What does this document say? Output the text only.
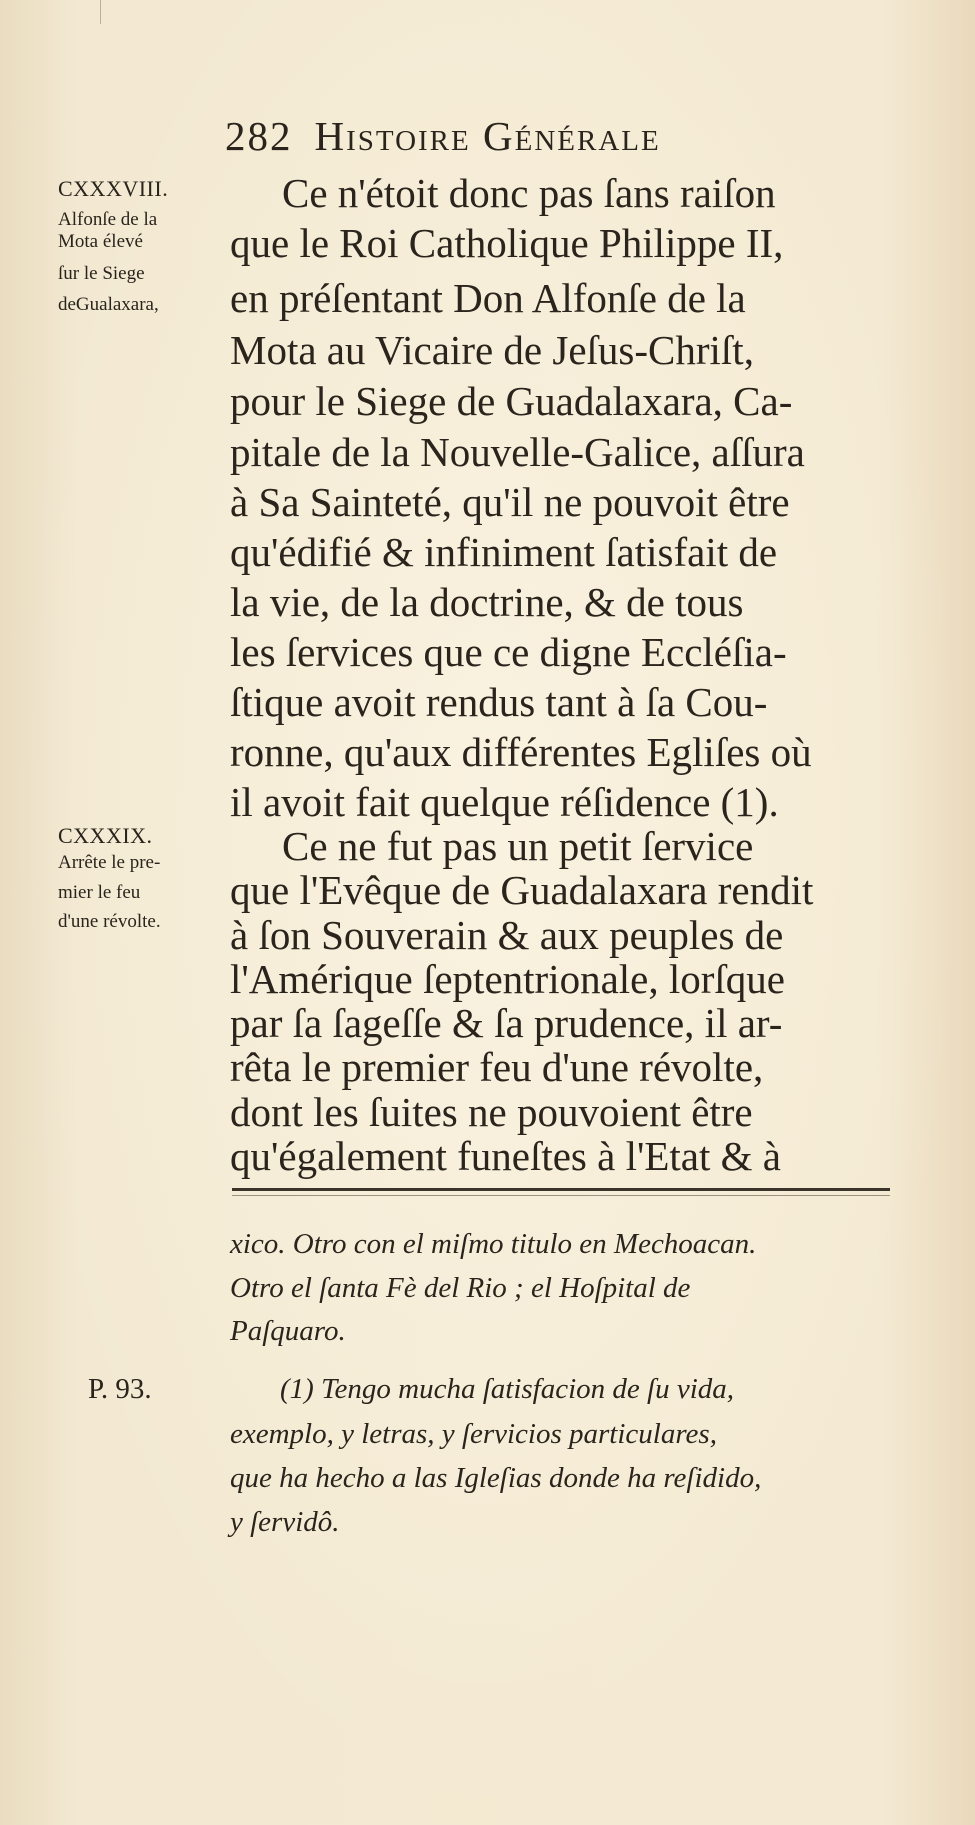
282 Histoire Générale
CXXXVIII.
Alfonſe de la
Mota élevé
ſur le Siege
deGualaxara,
CXXXIX.
Arrête le pre-
mier le feu
d'une révolte.
Ce n'étoit donc pas ſans raiſon
que le Roi Catholique Philippe II,
en préſentant Don Alfonſe de la
Mota au Vicaire de Jeſus-Chriſt,
pour le Siege de Guadalaxara, Ca-
pitale de la Nouvelle-Galice, aſſura
à Sa Sainteté, qu'il ne pouvoit être
qu'édifié & infiniment ſatisfait de
la vie, de la doctrine, & de tous
les ſervices que ce digne Eccléſia-
ſtique avoit rendus tant à ſa Cou-
ronne, qu'aux différentes Egliſes où
il avoit fait quelque réſidence (1).
Ce ne fut pas un petit ſervice
que l'Evêque de Guadalaxara rendit
à ſon Souverain & aux peuples de
l'Amérique ſeptentrionale, lorſque
par ſa ſageſſe & ſa prudence, il ar-
rêta le premier feu d'une révolte,
dont les ſuites ne pouvoient être
qu'également funeſtes à l'Etat & à
xico. Otro con el miſmo titulo en Mechoacan.
Otro el ſanta Fè del Rio ; el Hoſpital de
Paſquaro.
P. 93.	(1) Tengo mucha ſatisfacion de ſu vida,
exemplo, y letras, y ſervicios particulares,
que ha hecho a las Igleſias donde ha reſidido,
y ſervidô.
